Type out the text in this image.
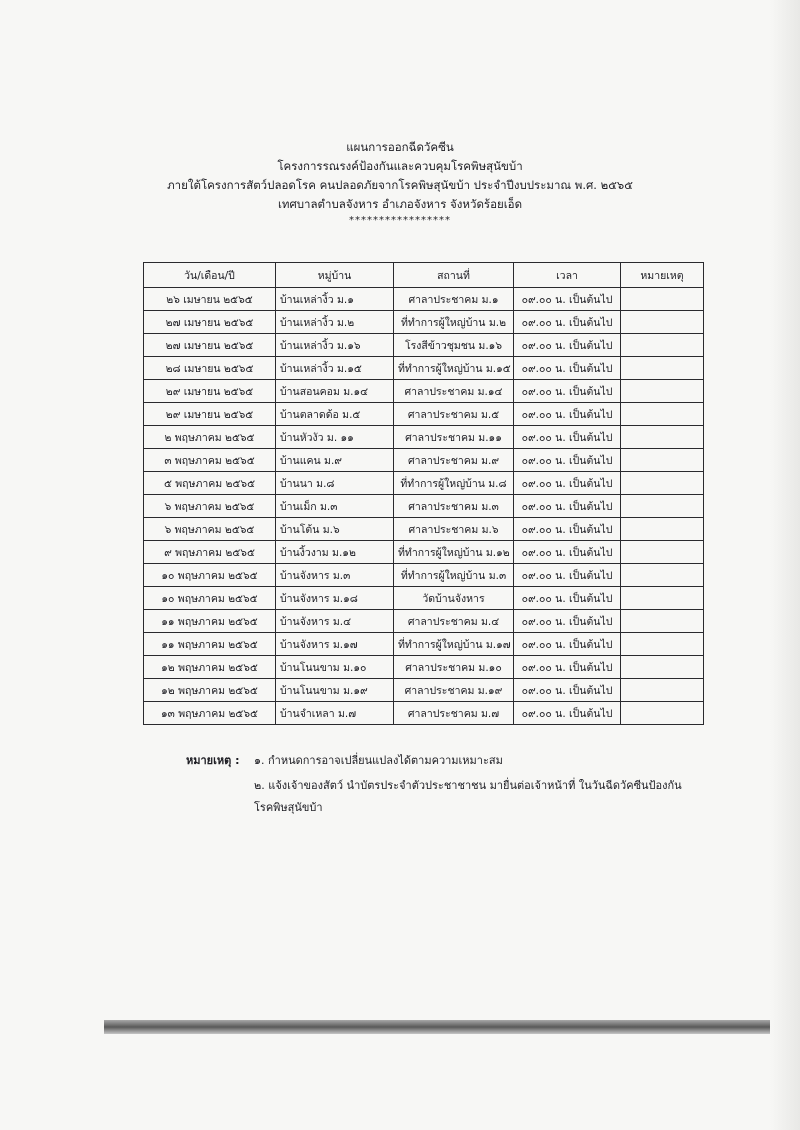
แผนการออกฉีดวัคซีน
โครงการรณรงค์ป้องกันและควบคุมโรคพิษสุนัขบ้า
ภายใต้โครงการสัตว์ปลอดโรค คนปลอดภัยจากโรคพิษสุนัขบ้า ประจำปีงบประมาณ พ.ศ. ๒๕๖๕
เทศบาลตำบลจังหาร อำเภอจังหาร จังหวัดร้อยเอ็ด
*****************
วัน/เดือน/ปี	หมู่บ้าน	สถานที่	เวลา	หมายเหตุ
๒๖ เมษายน ๒๕๖๕	บ้านเหล่างิ้ว ม.๑	ศาลาประชาคม ม.๑	๐๙.๐๐ น. เป็นต้นไป	
๒๗ เมษายน ๒๕๖๕	บ้านเหล่างิ้ว ม.๒	ที่ทำการผู้ใหญ่บ้าน ม.๒	๐๙.๐๐ น. เป็นต้นไป	
๒๗ เมษายน ๒๕๖๕	บ้านเหล่างิ้ว ม.๑๖	โรงสีข้าวชุมชน ม.๑๖	๐๙.๐๐ น. เป็นต้นไป	
๒๘ เมษายน ๒๕๖๕	บ้านเหล่างิ้ว ม.๑๕	ที่ทำการผู้ใหญ่บ้าน ม.๑๕	๐๙.๐๐ น. เป็นต้นไป	
๒๙ เมษายน ๒๕๖๕	บ้านสอนคอม ม.๑๔	ศาลาประชาคม ม.๑๔	๐๙.๐๐ น. เป็นต้นไป	
๒๙ เมษายน ๒๕๖๕	บ้านตลาดด้อ ม.๕	ศาลาประชาคม ม.๕	๐๙.๐๐ น. เป็นต้นไป	
๒ พฤษภาคม ๒๕๖๕	บ้านหัวงัว ม. ๑๑	ศาลาประชาคม ม.๑๑	๐๙.๐๐ น. เป็นต้นไป	
๓ พฤษภาคม ๒๕๖๕	บ้านแคน ม.๙	ศาลาประชาคม ม.๙	๐๙.๐๐ น. เป็นต้นไป	
๕ พฤษภาคม ๒๕๖๕	บ้านนา ม.๘	ที่ทำการผู้ใหญ่บ้าน ม.๘	๐๙.๐๐ น. เป็นต้นไป	
๖ พฤษภาคม ๒๕๖๕	บ้านเม็ก ม.๓	ศาลาประชาคม ม.๓	๐๙.๐๐ น. เป็นต้นไป	
๖ พฤษภาคม ๒๕๖๕	บ้านโต้น ม.๖	ศาลาประชาคม ม.๖	๐๙.๐๐ น. เป็นต้นไป	
๙ พฤษภาคม ๒๕๖๕	บ้านงิ้วงาม ม.๑๒	ที่ทำการผู้ใหญ่บ้าน ม.๑๒	๐๙.๐๐ น. เป็นต้นไป	
๑๐ พฤษภาคม ๒๕๖๕	บ้านจังหาร ม.๓	ที่ทำการผู้ใหญ่บ้าน ม.๓	๐๙.๐๐ น. เป็นต้นไป	
๑๐ พฤษภาคม ๒๕๖๕	บ้านจังหาร ม.๑๘	วัดบ้านจังหาร	๐๙.๐๐ น. เป็นต้นไป	
๑๑ พฤษภาคม ๒๕๖๕	บ้านจังหาร ม.๔	ศาลาประชาคม ม.๔	๐๙.๐๐ น. เป็นต้นไป	
๑๑ พฤษภาคม ๒๕๖๕	บ้านจังหาร ม.๑๗	ที่ทำการผู้ใหญ่บ้าน ม.๑๗	๐๙.๐๐ น. เป็นต้นไป	
๑๒ พฤษภาคม ๒๕๖๕	บ้านโนนขาม ม.๑๐	ศาลาประชาคม ม.๑๐	๐๙.๐๐ น. เป็นต้นไป	
๑๒ พฤษภาคม ๒๕๖๕	บ้านโนนขาม ม.๑๙	ศาลาประชาคม ม.๑๙	๐๙.๐๐ น. เป็นต้นไป	
๑๓ พฤษภาคม ๒๕๖๕	บ้านจำเหลา ม.๗	ศาลาประชาคม ม.๗	๐๙.๐๐ น. เป็นต้นไป	
หมายเหตุ : ๑. กำหนดการอาจเปลี่ยนแปลงได้ตามความเหมาะสม
๒. แจ้งเจ้าของสัตว์ นำบัตรประจำตัวประชาชาชน มายื่นต่อเจ้าหน้าที่ ในวันฉีดวัคซีนป้องกัน
โรคพิษสุนัขบ้า
